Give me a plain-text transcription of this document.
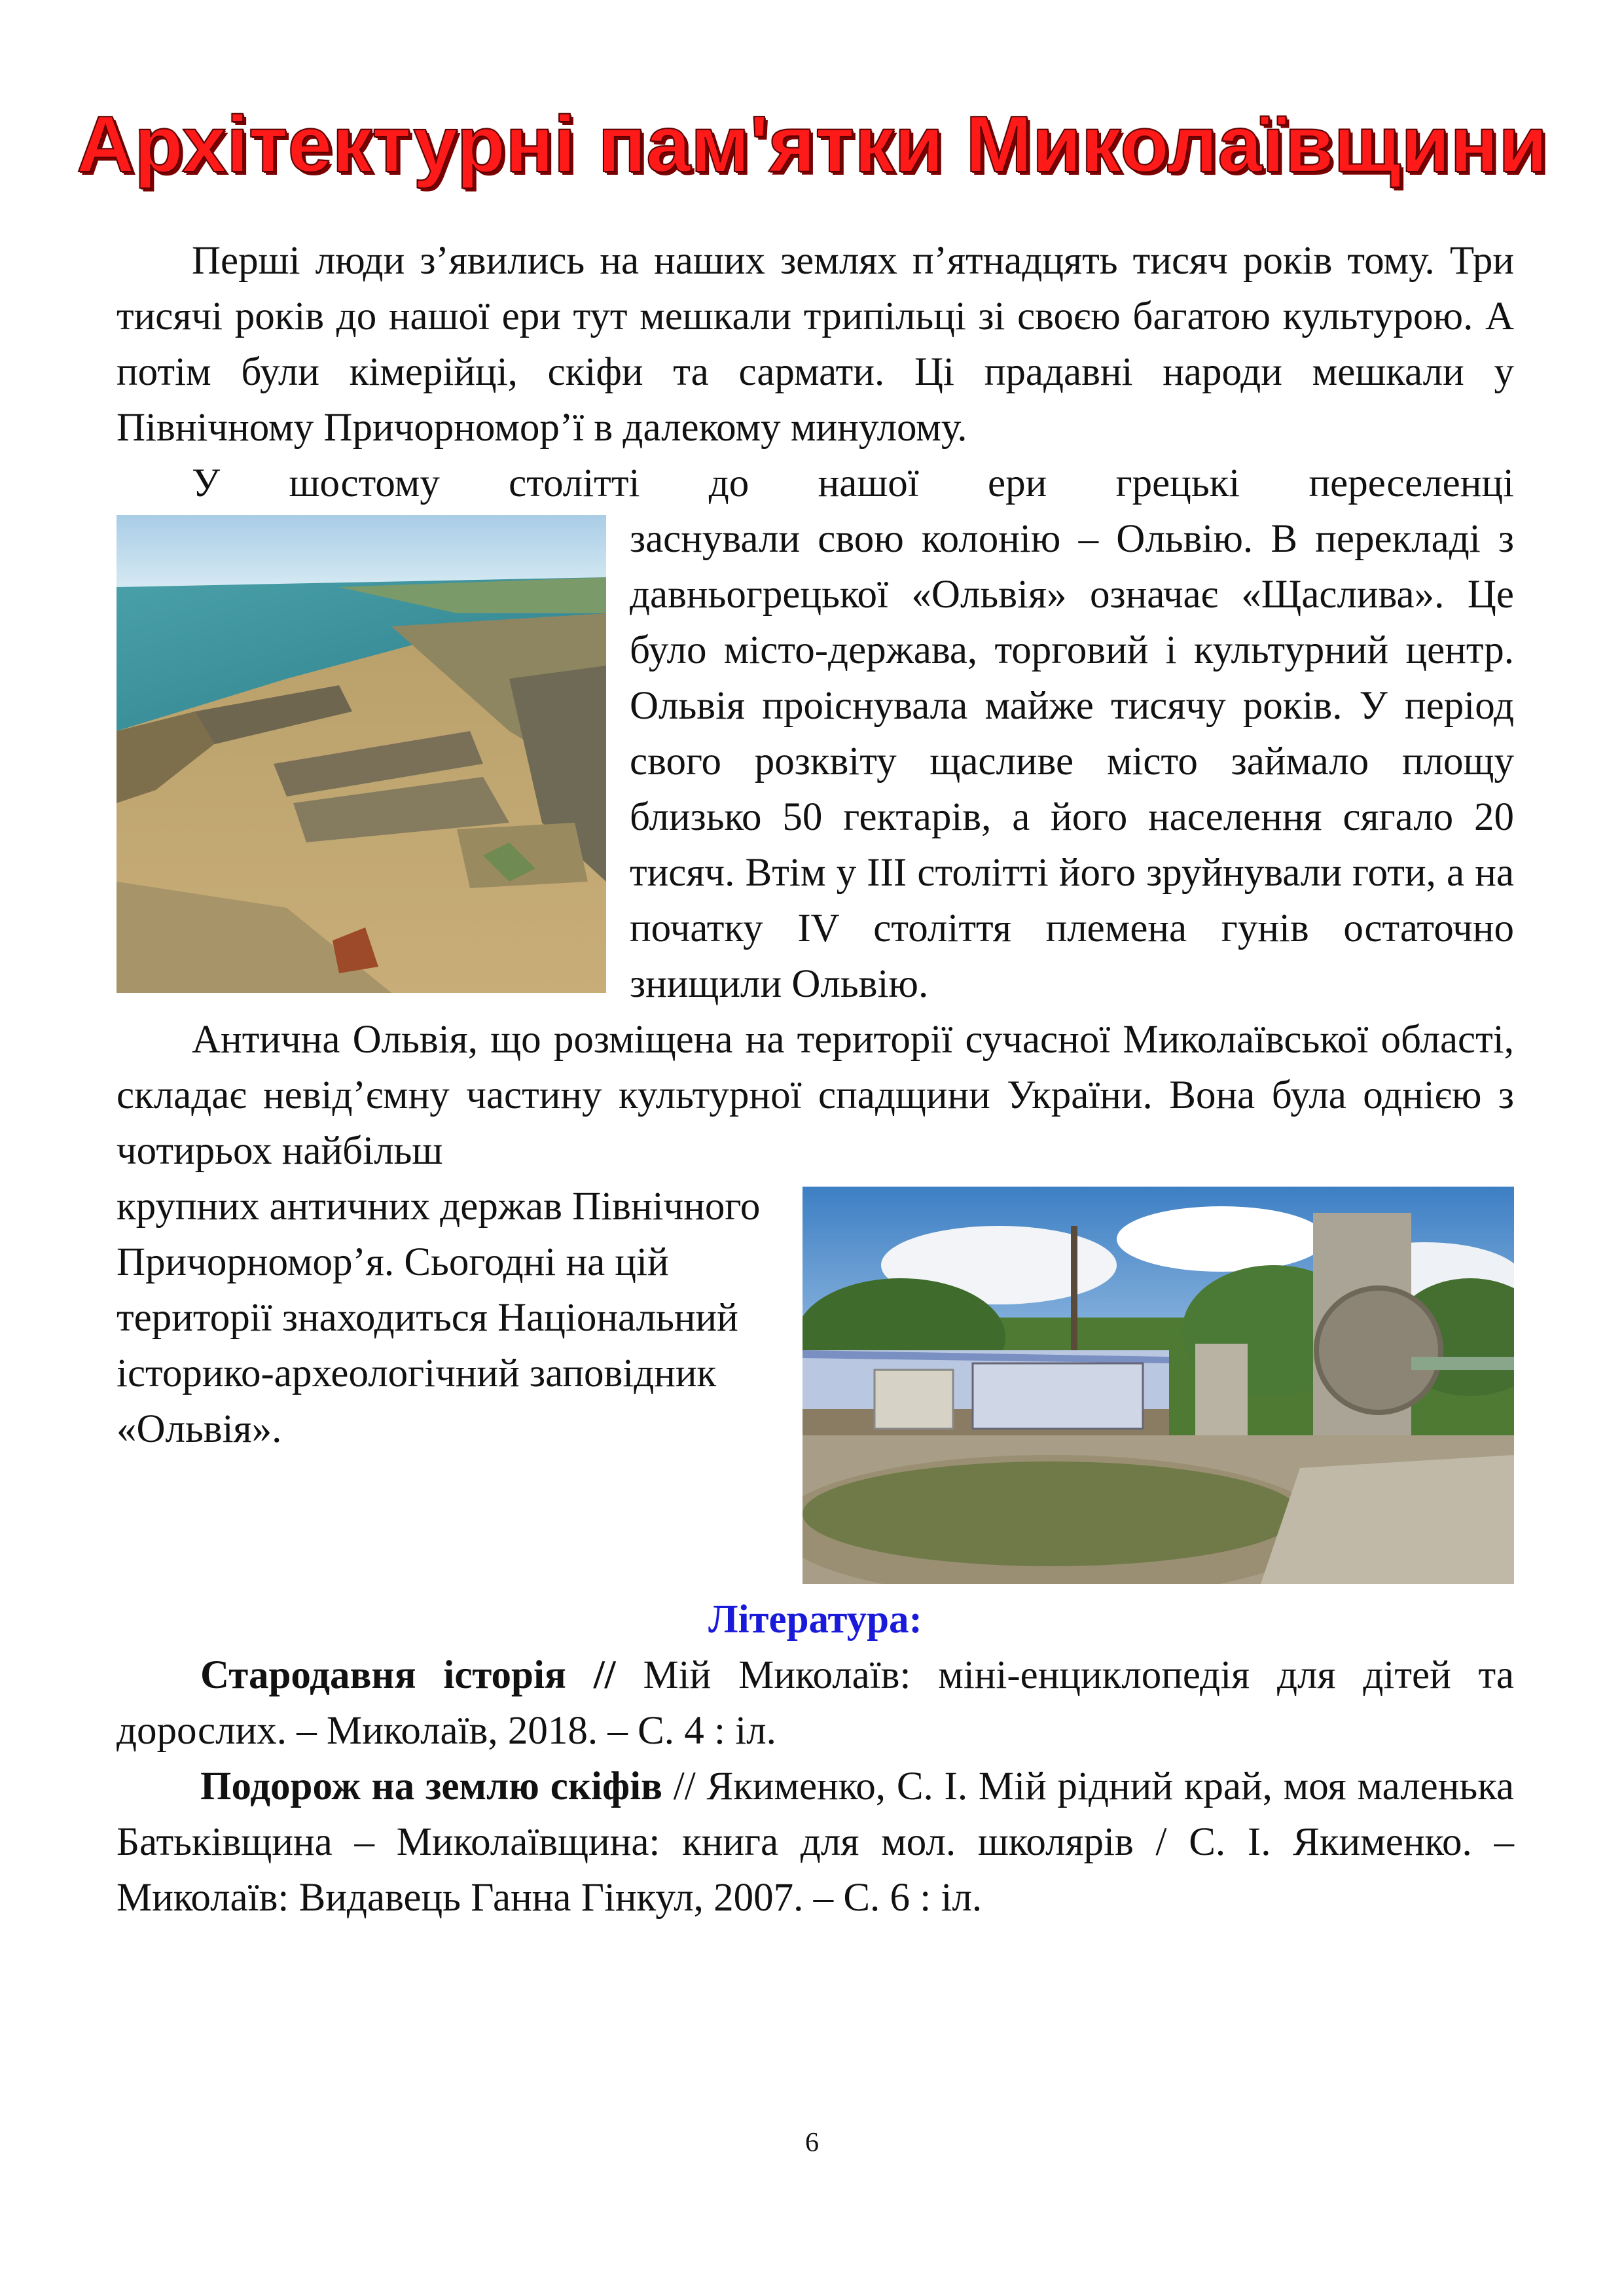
Архітектурні пам'ятки Миколаївщини

Перші люди з’явились на наших землях п’ятнадцять тисяч років тому. Три тисячі років до нашої ери тут мешкали трипільці зі своєю багатою культурою. А потім були кімерійці, скіфи та сармати. Ці прадавні народи мешкали у Північному Причорномор’ї в далекому минулому.

У шостому столітті до нашої ери грецькі переселенці

заснували свою колонію – Ольвію. В перекладі з давньогрецької «Ольвія» означає «Щаслива». Це було місто-держава, торговий і культурний центр. Ольвія проіснувала майже тисячу років. У період свого розквіту щасливе місто займало площу близько 50 гектарів, а його населення сягало 20 тисяч. Втім у ІІІ столітті його зруйнували готи, а на початку IV століття племена гунів остаточно знищили Ольвію.

Антична Ольвія, що розміщена на території сучасної Миколаївської області, складає невід’ємну частину культурної спадщини України. Вона була однією з чотирьох найбільш

крупних античних держав Північного Причорномор’я. Сьогодні на цій території знаходиться Національний історико-археологічний заповідник «Ольвія».

Література:

Стародавня історія // Мій Миколаїв: міні-енциклопедія для дітей та дорослих. – Миколаїв, 2018. – С. 4 : іл.

Подорож на землю скіфів // Якименко, С. І. Мій рідний край, моя маленька Батьківщина – Миколаївщина: книга для мол. школярів / С. І. Якименко. – Миколаїв: Видавець Ганна Гінкул, 2007. – С. 6 : іл.

6
